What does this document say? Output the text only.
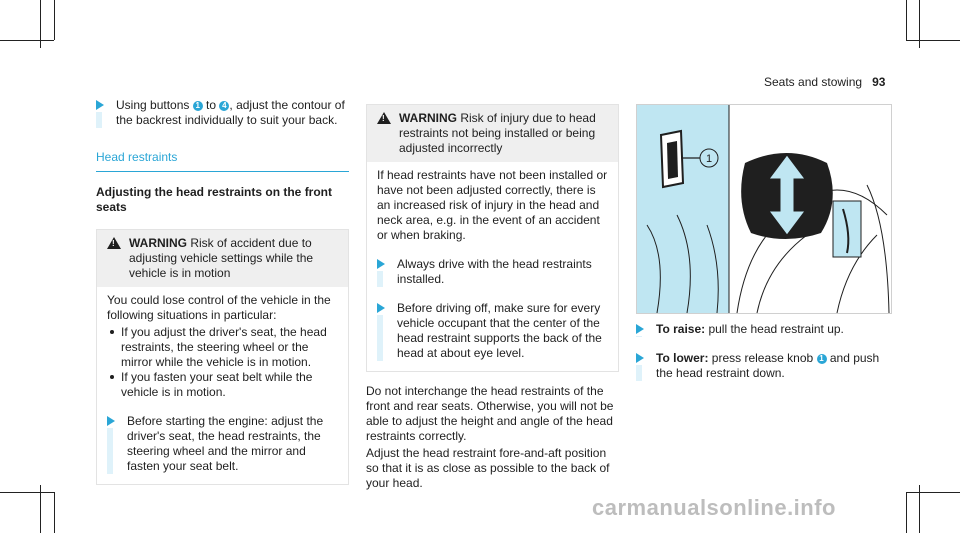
Seats and stowing 93
Using buttons 1 to 4 , adjust the contour of the backrest individually to suit your back.
Head restraints
Adjusting the head restraints on the front seats
! WARNING Risk of accident due to adjusting vehicle settings while the vehicle is in motion
You could lose control of the vehicle in the following situations in particular:
If you adjust the driver's seat, the head restraints, the steering wheel or the mirror while the vehicle is in motion.
If you fasten your seat belt while the vehicle is in motion.
Before starting the engine: adjust the driver's seat, the head restraints, the steering wheel and the mirror and fasten your seat belt.
! WARNING Risk of injury due to head restraints not being installed or being adjusted incorrectly
If head restraints have not been installed or have not been adjusted correctly, there is an increased risk of injury in the head and neck area, e.g. in the event of an accident or when braking.
Always drive with the head restraints installed.
Before driving off, make sure for every vehicle occupant that the center of the head restraint supports the back of the head at about eye level.
Do not interchange the head restraints of the front and rear seats. Otherwise, you will not be able to adjust the height and angle of the head restraints correctly.
Adjust the head restraint fore-and-aft position so that it is as close as possible to the back of your head.
1
To raise: pull the head restraint up.
To lower: press release knob 1 and push the head restraint down.
carmanualsonline.info
